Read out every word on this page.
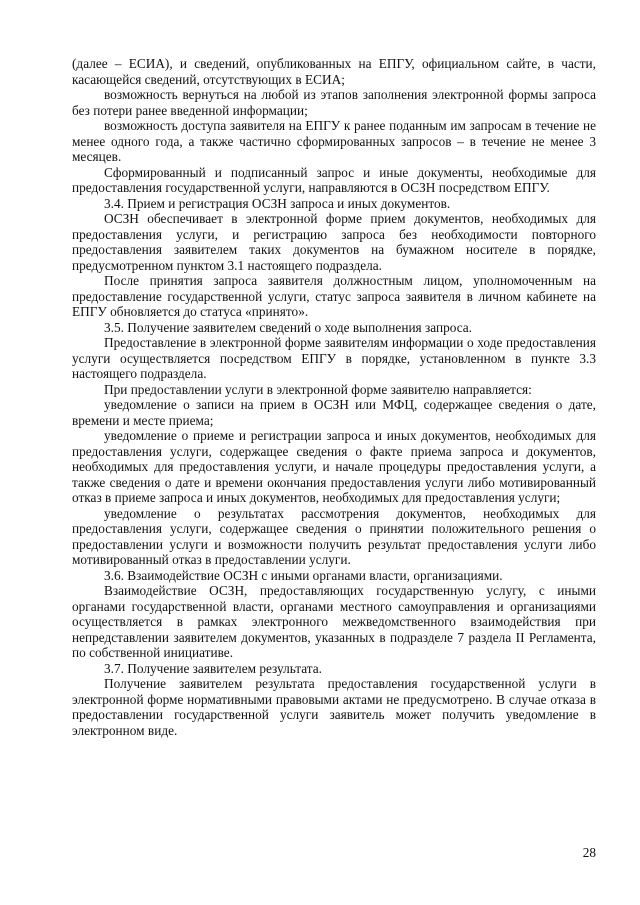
(далее – ЕСИА), и сведений, опубликованных на ЕПГУ, официальном сайте, в части, касающейся сведений, отсутствующих в ЕСИА;

возможность вернуться на любой из этапов заполнения электронной формы запроса без потери ранее введенной информации;

возможность доступа заявителя на ЕПГУ к ранее поданным им запросам в течение не менее одного года, а также частично сформированных запросов – в течение не менее 3 месяцев.

Сформированный и подписанный запрос и иные документы, необходимые для предоставления государственной услуги, направляются в ОСЗН посредством ЕПГУ.

3.4. Прием и регистрация ОСЗН запроса и иных документов.

ОСЗН обеспечивает в электронной форме прием документов, необходимых для предоставления услуги, и регистрацию запроса без необходимости повторного предоставления заявителем таких документов на бумажном носителе в порядке, предусмотренном пунктом 3.1 настоящего подраздела.

После принятия запроса заявителя должностным лицом, уполномоченным на предоставление государственной услуги, статус запроса заявителя в личном кабинете на ЕПГУ обновляется до статуса «принято».

3.5. Получение заявителем сведений о ходе выполнения запроса.

Предоставление в электронной форме заявителям информации о ходе предоставления услуги осуществляется посредством ЕПГУ в порядке, установленном в пункте 3.3 настоящего подраздела.

При предоставлении услуги в электронной форме заявителю направляется:

уведомление о записи на прием в ОСЗН или МФЦ, содержащее сведения о дате, времени и месте приема;

уведомление о приеме и регистрации запроса и иных документов, необходимых для предоставления услуги, содержащее сведения о факте приема запроса и документов, необходимых для предоставления услуги, и начале процедуры предоставления услуги, а также сведения о дате и времени окончания предоставления услуги либо мотивированный отказ в приеме запроса и иных документов, необходимых для предоставления услуги;

уведомление о результатах рассмотрения документов, необходимых для предоставления услуги, содержащее сведения о принятии положительного решения о предоставлении услуги и возможности получить результат предоставления услуги либо мотивированный отказ в предоставлении услуги.

3.6. Взаимодействие ОСЗН с иными органами власти, организациями.

Взаимодействие ОСЗН, предоставляющих государственную услугу, с иными органами государственной власти, органами местного самоуправления и организациями осуществляется в рамках электронного межведомственного взаимодействия при непредставлении заявителем документов, указанных в подразделе 7 раздела II Регламента, по собственной инициативе.

3.7. Получение заявителем результата.

Получение заявителем результата предоставления государственной услуги в электронной форме нормативными правовыми актами не предусмотрено. В случае отказа в предоставлении государственной услуги заявитель может получить уведомление в электронном виде.

28
